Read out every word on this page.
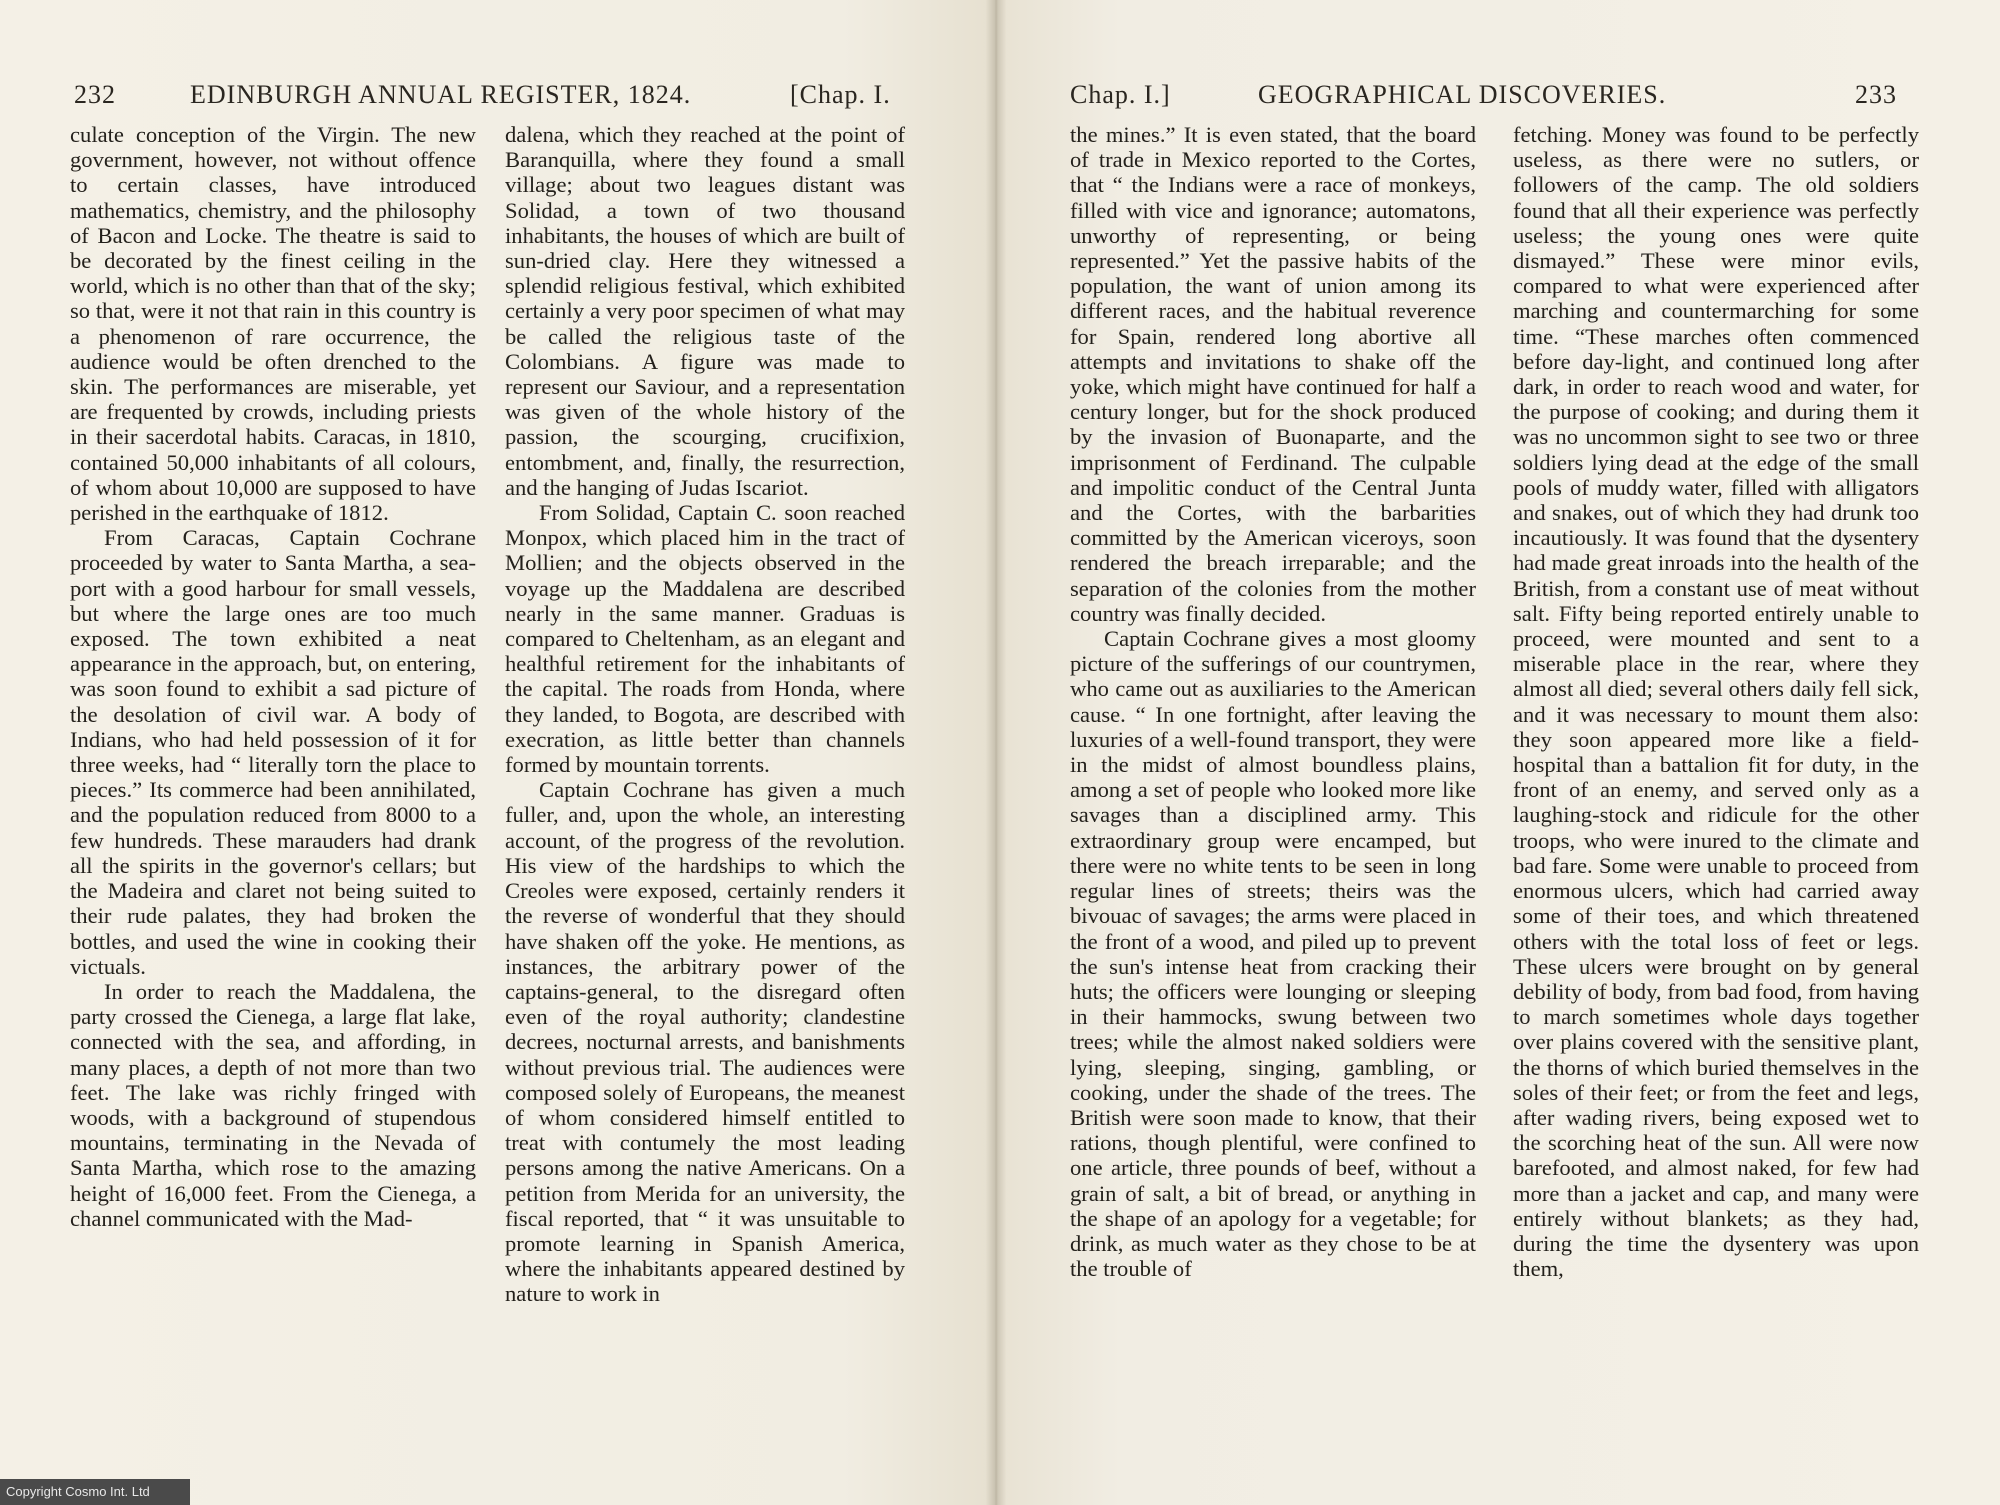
232	EDINBURGH ANNUAL REGISTER, 1824.	[Chap. I.

culate conception of the Virgin. The new government, however, not without offence to certain classes, have introduced mathematics, chemistry, and the philosophy of Bacon and Locke. The theatre is said to be decorated by the finest ceiling in the world, which is no other than that of the sky; so that, were it not that rain in this country is a phenomenon of rare occurrence, the audience would be often drenched to the skin. The performances are miserable, yet are frequented by crowds, including priests in their sacerdotal habits. Caracas, in 1810, contained 50,000 inhabitants of all colours, of whom about 10,000 are supposed to have perished in the earthquake of 1812.

From Caracas, Captain Cochrane proceeded by water to Santa Martha, a sea-port with a good harbour for small vessels, but where the large ones are too much exposed. The town exhibited a neat appearance in the approach, but, on entering, was soon found to exhibit a sad picture of the desolation of civil war. A body of Indians, who had held possession of it for three weeks, had “ literally torn the place to pieces.” Its commerce had been annihilated, and the population reduced from 8000 to a few hundreds. These marauders had drank all the spirits in the governor's cellars; but the Madeira and claret not being suited to their rude palates, they had broken the bottles, and used the wine in cooking their victuals.

In order to reach the Maddalena, the party crossed the Cienega, a large flat lake, connected with the sea, and affording, in many places, a depth of not more than two feet. The lake was richly fringed with woods, with a background of stupendous mountains, terminating in the Nevada of Santa Martha, which rose to the amazing height of 16,000 feet. From the Cienega, a channel communicated with the Mad-

dalena, which they reached at the point of Baranquilla, where they found a small village; about two leagues distant was Solidad, a town of two thousand inhabitants, the houses of which are built of sun-dried clay. Here they witnessed a splendid religious festival, which exhibited certainly a very poor specimen of what may be called the religious taste of the Colombians. A figure was made to represent our Saviour, and a representation was given of the whole history of the passion, the scourging, crucifixion, entombment, and, finally, the resurrection, and the hanging of Judas Iscariot.

From Solidad, Captain C. soon reached Monpox, which placed him in the tract of Mollien; and the objects observed in the voyage up the Maddalena are described nearly in the same manner. Graduas is compared to Cheltenham, as an elegant and healthful retirement for the inhabitants of the capital. The roads from Honda, where they landed, to Bogota, are described with execration, as little better than channels formed by mountain torrents.

Captain Cochrane has given a much fuller, and, upon the whole, an interesting account, of the progress of the revolution. His view of the hardships to which the Creoles were exposed, certainly renders it the reverse of wonderful that they should have shaken off the yoke. He mentions, as instances, the arbitrary power of the captains-general, to the disregard often even of the royal authority; clandestine decrees, nocturnal arrests, and banishments without previous trial. The audiences were composed solely of Europeans, the meanest of whom considered himself entitled to treat with contumely the most leading persons among the native Americans. On a petition from Merida for an university, the fiscal reported, that “ it was unsuitable to promote learning in Spanish America, where the inhabitants appeared destined by nature to work in

Copyright Cosmo Int. Ltd
Chap. I.]	GEOGRAPHICAL DISCOVERIES.	233

the mines.” It is even stated, that the board of trade in Mexico reported to the Cortes, that “ the Indians were a race of monkeys, filled with vice and ignorance; automatons, unworthy of representing, or being represented.” Yet the passive habits of the population, the want of union among its different races, and the habitual reverence for Spain, rendered long abortive all attempts and invitations to shake off the yoke, which might have continued for half a century longer, but for the shock produced by the invasion of Buonaparte, and the imprisonment of Ferdinand. The culpable and impolitic conduct of the Central Junta and the Cortes, with the barbarities committed by the American viceroys, soon rendered the breach irreparable; and the separation of the colonies from the mother country was finally decided.

Captain Cochrane gives a most gloomy picture of the sufferings of our countrymen, who came out as auxiliaries to the American cause. “ In one fortnight, after leaving the luxuries of a well-found transport, they were in the midst of almost boundless plains, among a set of people who looked more like savages than a disciplined army. This extraordinary group were encamped, but there were no white tents to be seen in long regular lines of streets; theirs was the bivouac of savages; the arms were placed in the front of a wood, and piled up to prevent the sun's intense heat from cracking their huts; the officers were lounging or sleeping in their hammocks, swung between two trees; while the almost naked soldiers were lying, sleeping, singing, gambling, or cooking, under the shade of the trees. The British were soon made to know, that their rations, though plentiful, were confined to one article, three pounds of beef, without a grain of salt, a bit of bread, or anything in the shape of an apology for a vegetable; for drink, as much water as they chose to be at the trouble of

fetching. Money was found to be perfectly useless, as there were no sutlers, or followers of the camp. The old soldiers found that all their experience was perfectly useless; the young ones were quite dismayed.” These were minor evils, compared to what were experienced after marching and countermarching for some time. “These marches often commenced before day-light, and continued long after dark, in order to reach wood and water, for the purpose of cooking; and during them it was no uncommon sight to see two or three soldiers lying dead at the edge of the small pools of muddy water, filled with alligators and snakes, out of which they had drunk too incautiously. It was found that the dysentery had made great inroads into the health of the British, from a constant use of meat without salt. Fifty being reported entirely unable to proceed, were mounted and sent to a miserable place in the rear, where they almost all died; several others daily fell sick, and it was necessary to mount them also: they soon appeared more like a field-hospital than a battalion fit for duty, in the front of an enemy, and served only as a laughing-stock and ridicule for the other troops, who were inured to the climate and bad fare. Some were unable to proceed from enormous ulcers, which had carried away some of their toes, and which threatened others with the total loss of feet or legs. These ulcers were brought on by general debility of body, from bad food, from having to march sometimes whole days together over plains covered with the sensitive plant, the thorns of which buried themselves in the soles of their feet; or from the feet and legs, after wading rivers, being exposed wet to the scorching heat of the sun. All were now barefooted, and almost naked, for few had more than a jacket and cap, and many were entirely without blankets; as they had, during the time the dysentery was upon them,
